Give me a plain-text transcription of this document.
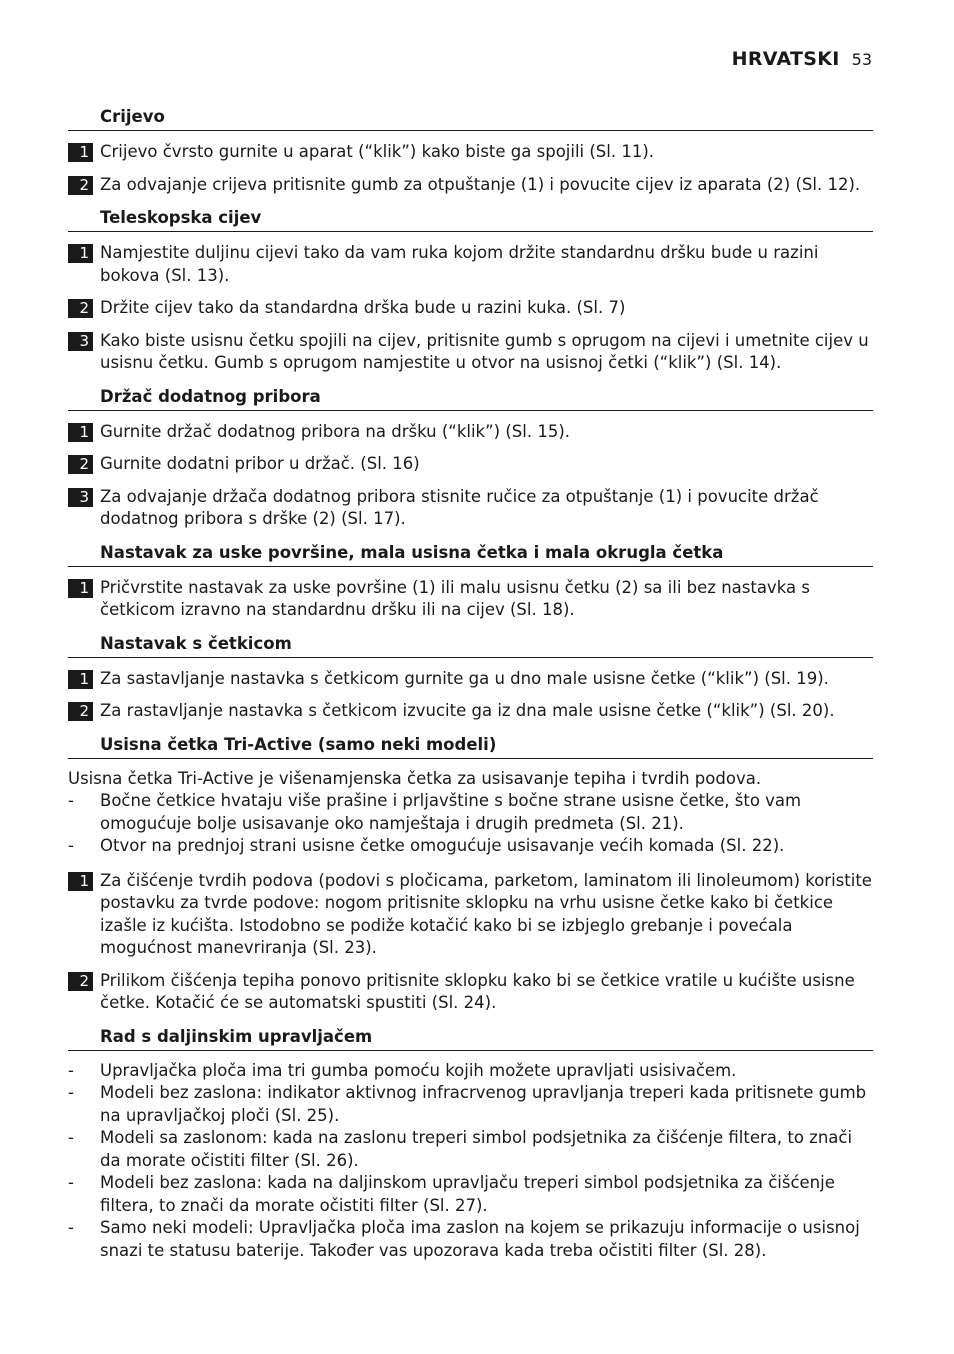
HRVATSKI 53
Crijevo
1 Crijevo čvrsto gurnite u aparat (“klik”) kako biste ga spojili (Sl. 11).
2 Za odvajanje crijeva pritisnite gumb za otpuštanje (1) i povucite cijev iz aparata (2) (Sl. 12).
Teleskopska cijev
1 Namjestite duljinu cijevi tako da vam ruka kojom držite standardnu dršku bude u razini bokova (Sl. 13).
2 Držite cijev tako da standardna drška bude u razini kuka. (Sl. 7)
3 Kako biste usisnu četku spojili na cijev, pritisnite gumb s oprugom na cijevi i umetnite cijev u usisnu četku. Gumb s oprugom namjestite u otvor na usisnoj četki (“klik”) (Sl. 14).
Držač dodatnog pribora
1 Gurnite držač dodatnog pribora na dršku (“klik”) (Sl. 15).
2 Gurnite dodatni pribor u držač. (Sl. 16)
3 Za odvajanje držača dodatnog pribora stisnite ručice za otpuštanje (1) i povucite držač dodatnog pribora s drške (2) (Sl. 17).
Nastavak za uske površine, mala usisna četka i mala okrugla četka
1 Pričvrstite nastavak za uske površine (1) ili malu usisnu četku (2) sa ili bez nastavka s četkicom izravno na standardnu dršku ili na cijev (Sl. 18).
Nastavak s četkicom
1 Za sastavljanje nastavka s četkicom gurnite ga u dno male usisne četke (“klik”) (Sl. 19).
2 Za rastavljanje nastavka s četkicom izvucite ga iz dna male usisne četke (“klik”) (Sl. 20).
Usisna četka Tri-Active (samo neki modeli)
Usisna četka Tri-Active je višenamjenska četka za usisavanje tepiha i tvrdih podova.
-	Bočne četkice hvataju više prašine i prljavštine s bočne strane usisne četke, što vam omogućuje bolje usisavanje oko namještaja i drugih predmeta (Sl. 21).
-	Otvor na prednjoj strani usisne četke omogućuje usisavanje većih komada (Sl. 22).
1 Za čišćenje tvrdih podova (podovi s pločicama, parketom, laminatom ili linoleumom) koristite postavku za tvrde podove: nogom pritisnite sklopku na vrhu usisne četke kako bi četkice izašle iz kućišta. Istodobno se podiže kotačić kako bi se izbjeglo grebanje i povećala mogućnost manevriranja (Sl. 23).
2 Prilikom čišćenja tepiha ponovo pritisnite sklopku kako bi se četkice vratile u kućište usisne četke. Kotačić će se automatski spustiti (Sl. 24).
Rad s daljinskim upravljačem
-	Upravljačka ploča ima tri gumba pomoću kojih možete upravljati usisivačem.
-	Modeli bez zaslona: indikator aktivnog infracrvenog upravljanja treperi kada pritisnete gumb na upravljačkoj ploči (Sl. 25).
-	Modeli sa zaslonom: kada na zaslonu treperi simbol podsjetnika za čišćenje filtera, to znači da morate očistiti filter (Sl. 26).
-	Modeli bez zaslona: kada na daljinskom upravljaču treperi simbol podsjetnika za čišćenje filtera, to znači da morate očistiti filter (Sl. 27).
-	Samo neki modeli: Upravljačka ploča ima zaslon na kojem se prikazuju informacije o usisnoj snazi te statusu baterije. Također vas upozorava kada treba očistiti filter (Sl. 28).
